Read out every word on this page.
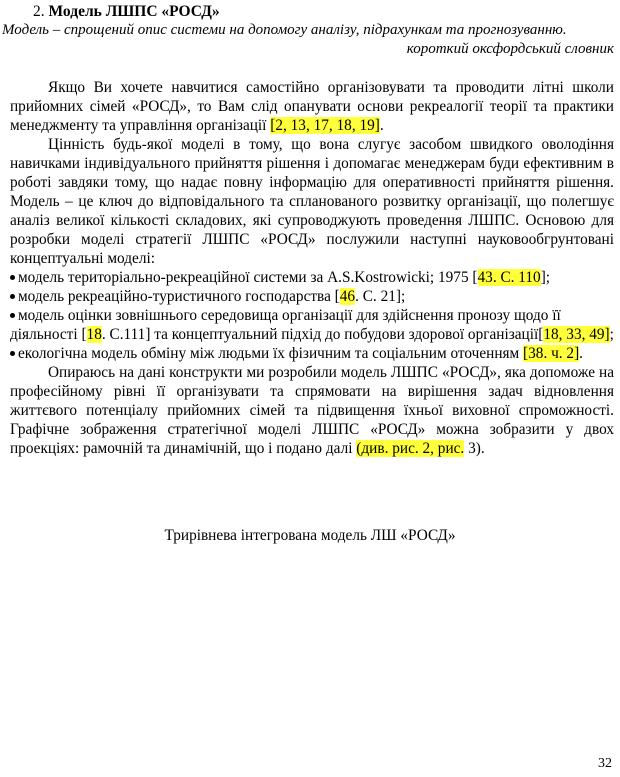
2. Модель ЛШПС «РОСД»
Модель – спрощений опис системи на допомогу аналізу, підрахункам та прогнозуванню.
короткий оксфордський словник

Якщо Ви хочете навчитися самостійно організовувати та проводити літні школи прийомних сімей «РОСД», то Вам слід опанувати основи рекреалогії теорії та практики менеджменту та управління організації [2, 13, 17, 18, 19].

Цінність будь-якої моделі в тому, що вона слугує засобом швидкого оволодіння навичками індивідуального прийняття рішення і допомагає менеджерам буди ефективним в роботі завдяки тому, що надає повну інформацію для оперативності прийняття рішення. Модель – це ключ до відповідального та спланованого розвитку організації, що полегшує аналіз великої кількості складових, які супроводжують проведення ЛШПС. Основою для розробки моделі стратегії ЛШПС «РОСД» послужили наступні науковообгрунтовані концептуальні моделі:

модель територіально-рекреаційної системи за A.S.Kostrowicki; 1975 [43. С. 110];

модель рекреаційно-туристичного господарства [46. С. 21];

модель оцінки зовнішнього середовища організації для здійснення пронозу щодо її діяльності [18. С.111] та концептуальний підхід до побудови здорової організації[18, 33, 49];

екологічна модель обміну між людьми їх фізичним та соціальним оточенням [38. ч. 2].

Опираюсь на дані конструкти ми розробили модель ЛШПС «РОСД», яка допоможе на професійному рівні її організувати та спрямовати на вирішення задач відновлення життєвого потенціалу прийомних сімей та підвищення їхньої виховної спроможності. Графічне зображення стратегічної моделі ЛШПС «РОСД» можна зобразити у двох проекціях: рамочній та динамічній, що і подано далі (див. рис. 2, рис. 3).

Трирівнева інтегрована модель ЛШ «РОСД»
32
